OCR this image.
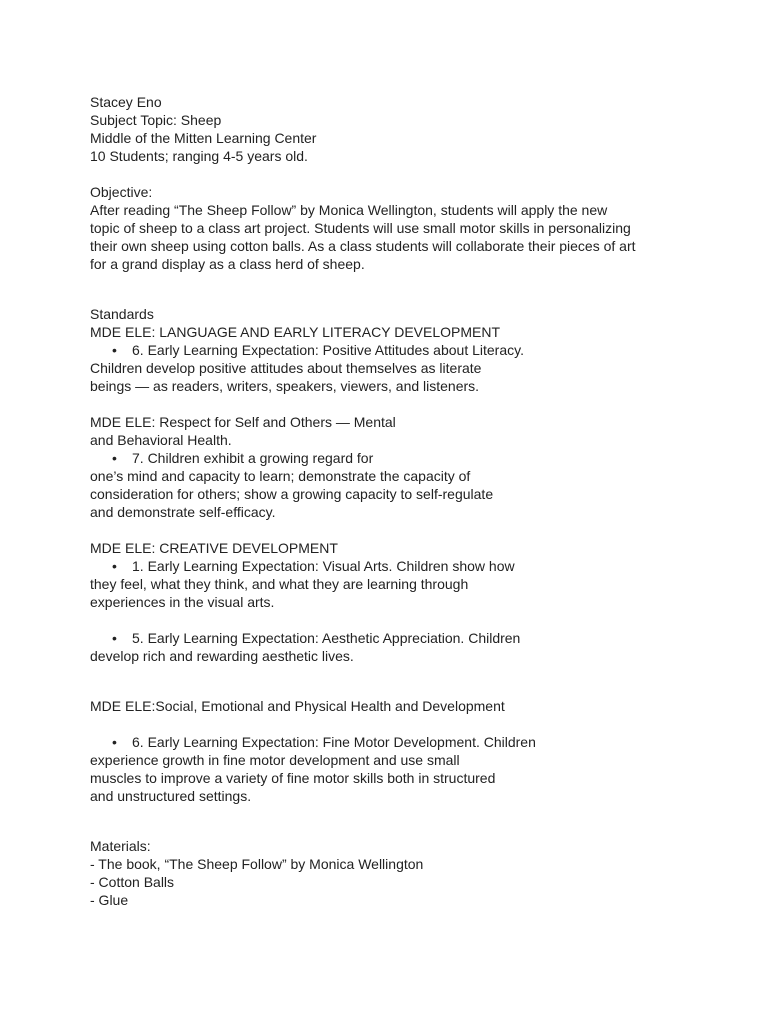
Stacey Eno
Subject Topic: Sheep
Middle of the Mitten Learning Center
10 Students; ranging 4-5 years old.
Objective:
After reading “The Sheep Follow” by Monica Wellington, students will apply the new
topic of sheep to a class art project. Students will use small motor skills in personalizing
their own sheep using cotton balls. As a class students will collaborate their pieces of art
for a grand display as a class herd of sheep.
Standards
MDE ELE: LANGUAGE AND EARLY LITERACY DEVELOPMENT
• 6. Early Learning Expectation: Positive Attitudes about Literacy.
Children develop positive attitudes about themselves as literate
beings — as readers, writers, speakers, viewers, and listeners.
MDE ELE: Respect for Self and Others — Mental
and Behavioral Health.
• 7. Children exhibit a growing regard for
one’s mind and capacity to learn; demonstrate the capacity of
consideration for others; show a growing capacity to self-regulate
and demonstrate self-efficacy.
MDE ELE: CREATIVE DEVELOPMENT
• 1. Early Learning Expectation: Visual Arts. Children show how
they feel, what they think, and what they are learning through
experiences in the visual arts.
• 5. Early Learning Expectation: Aesthetic Appreciation. Children
develop rich and rewarding aesthetic lives.
MDE ELE:Social, Emotional and Physical Health and Development
• 6. Early Learning Expectation: Fine Motor Development. Children
experience growth in fine motor development and use small
muscles to improve a variety of fine motor skills both in structured
and unstructured settings.
Materials:
- The book, “The Sheep Follow” by Monica Wellington
- Cotton Balls
- Glue
